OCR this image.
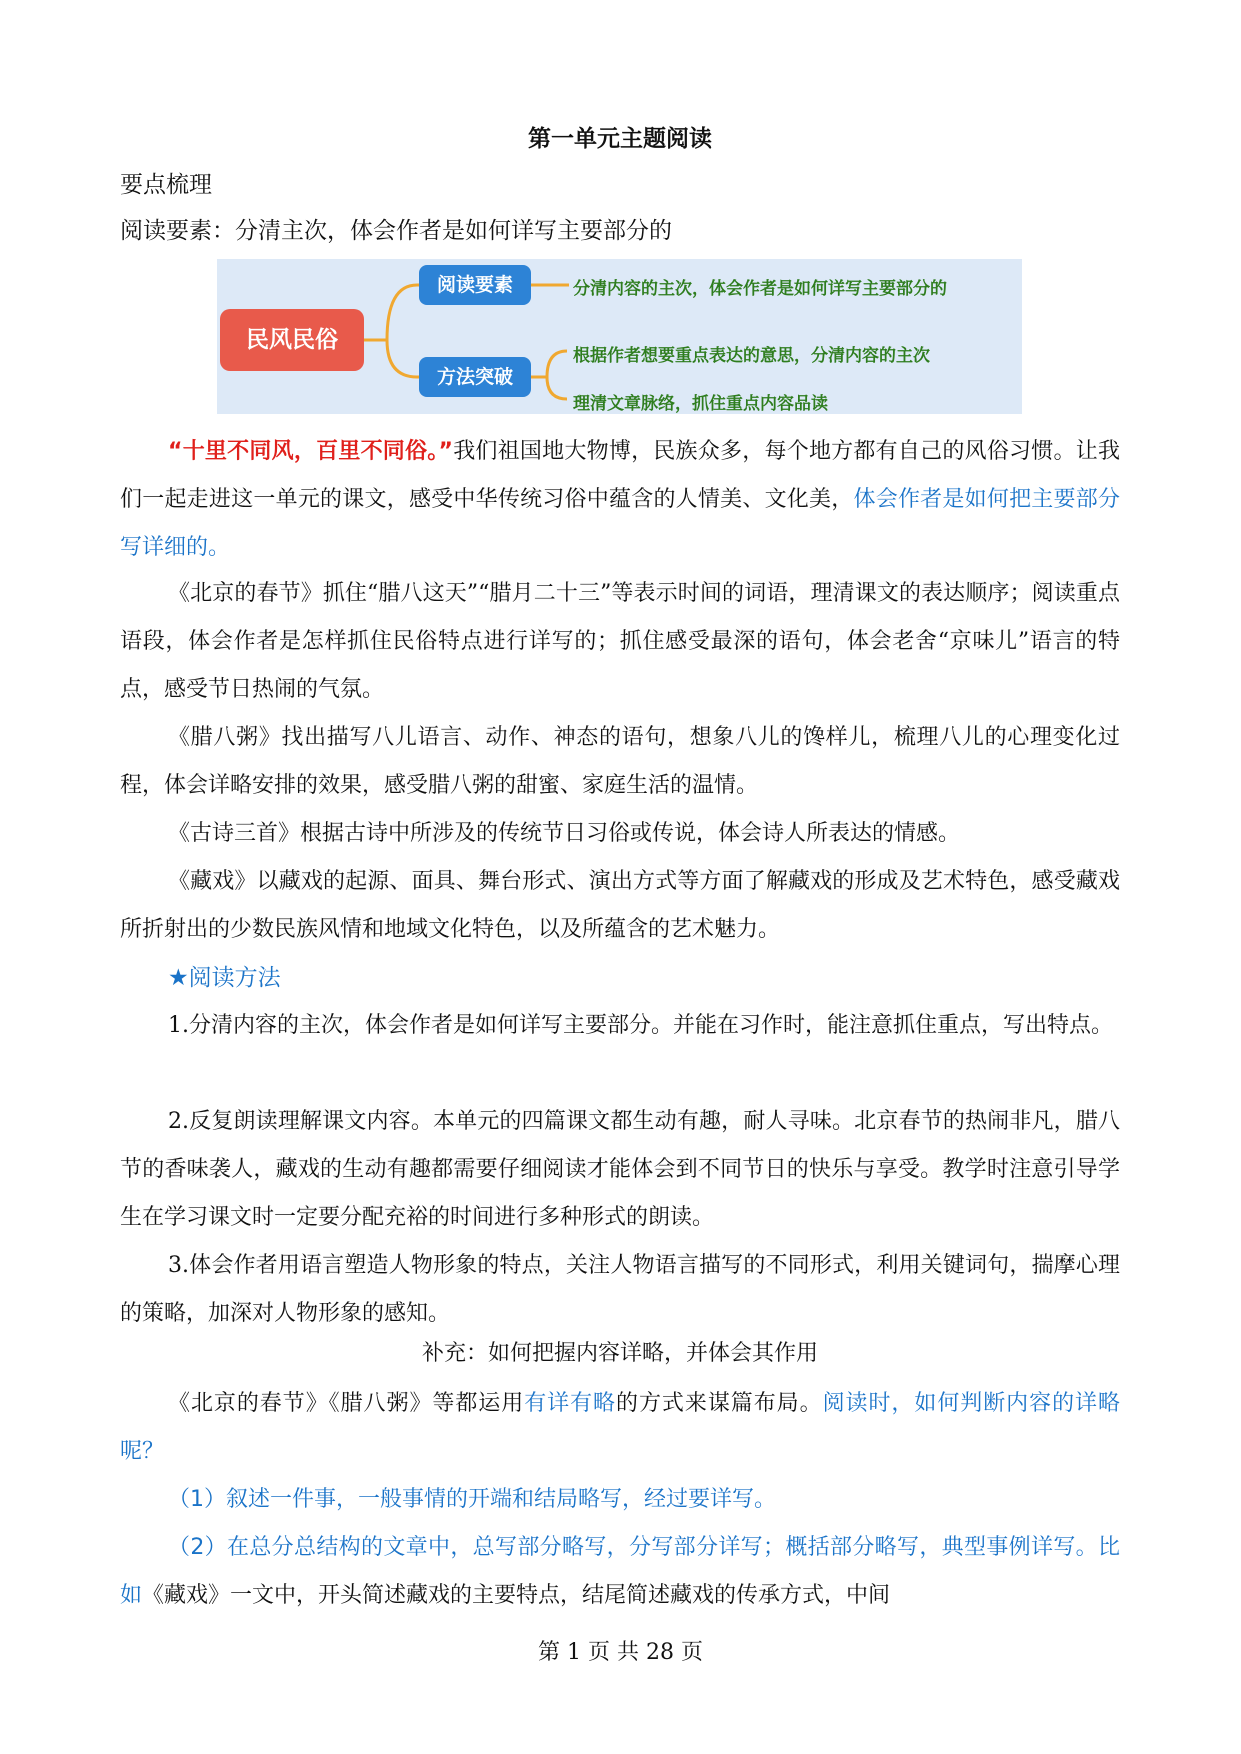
第一单元主题阅读
要点梳理
阅读要素：分清主次，体会作者是如何详写主要部分的
民风民俗
阅读要素
方法突破
分清内容的主次，体会作者是如何详写主要部分的
根据作者想要重点表达的意思，分清内容的主次
理清文章脉络，抓住重点内容品读

“十里不同风，百里不同俗。”我们祖国地大物博，民族众多，每个地方都有自己的风俗习惯。让我们一起走进这一单元的课文，感受中华传统习俗中蕴含的人情美、文化美，体会作者是如何把主要部分写详细的。

《北京的春节》抓住“腊八这天”“腊月二十三”等表示时间的词语，理清课文的表达顺序；阅读重点语段，体会作者是怎样抓住民俗特点进行详写的；抓住感受最深的语句，体会老舍“京味儿”语言的特点，感受节日热闹的气氛。

《腊八粥》找出描写八儿语言、动作、神态的语句，想象八儿的馋样儿，梳理八儿的心理变化过程，体会详略安排的效果，感受腊八粥的甜蜜、家庭生活的温情。

《古诗三首》根据古诗中所涉及的传统节日习俗或传说，体会诗人所表达的情感。

《藏戏》以藏戏的起源、面具、舞台形式、演出方式等方面了解藏戏的形成及艺术特色，感受藏戏所折射出的少数民族风情和地域文化特色，以及所蕴含的艺术魅力。

★阅读方法

1.分清内容的主次，体会作者是如何详写主要部分。并能在习作时，能注意抓住重点，写出特点。

2.反复朗读理解课文内容。本单元的四篇课文都生动有趣，耐人寻味。北京春节的热闹非凡，腊八节的香味袭人，藏戏的生动有趣都需要仔细阅读才能体会到不同节日的快乐与享受。教学时注意引导学生在学习课文时一定要分配充裕的时间进行多种形式的朗读。

3.体会作者用语言塑造人物形象的特点，关注人物语言描写的不同形式，利用关键词句，揣摩心理的策略，加深对人物形象的感知。

补充：如何把握内容详略，并体会其作用

《北京的春节》《腊八粥》等都运用有详有略的方式来谋篇布局。阅读时，如何判断内容的详略呢？

（1）叙述一件事，一般事情的开端和结局略写，经过要详写。

（2）在总分总结构的文章中，总写部分略写，分写部分详写；概括部分略写，典型事例详写。比如《藏戏》一文中，开头简述藏戏的主要特点，结尾简述藏戏的传承方式，中间

第 1 页 共 28 页
